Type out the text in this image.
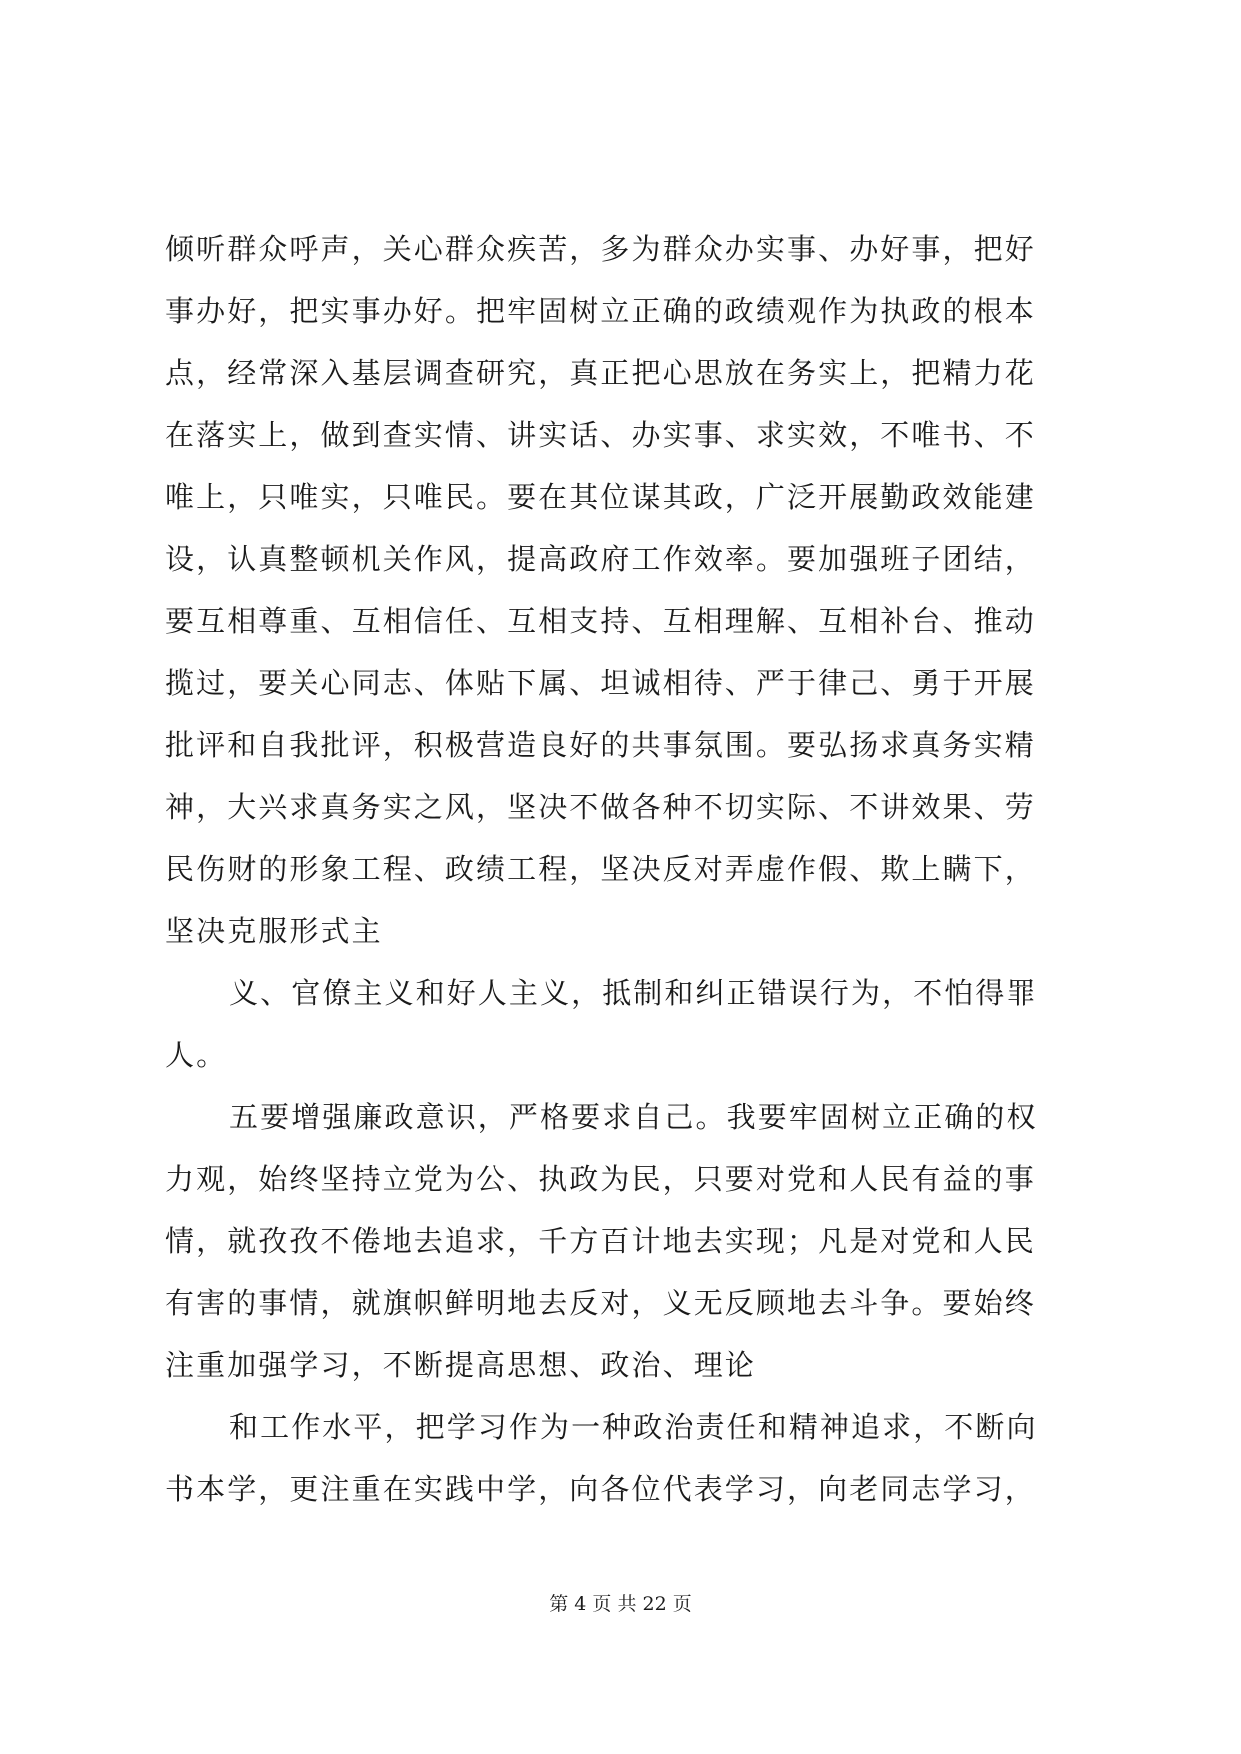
倾听群众呼声，关心群众疾苦，多为群众办实事、办好事，把好
事办好，把实事办好。把牢固树立正确的政绩观作为执政的根本
点，经常深入基层调查研究，真正把心思放在务实上，把精力花
在落实上，做到查实情、讲实话、办实事、求实效，不唯书、不
唯上，只唯实，只唯民。要在其位谋其政，广泛开展勤政效能建
设，认真整顿机关作风，提高政府工作效率。要加强班子团结，
要互相尊重、互相信任、互相支持、互相理解、互相补台、推动
揽过，要关心同志、体贴下属、坦诚相待、严于律己、勇于开展
批评和自我批评，积极营造良好的共事氛围。要弘扬求真务实精
神，大兴求真务实之风，坚决不做各种不切实际、不讲效果、劳
民伤财的形象工程、政绩工程，坚决反对弄虚作假、欺上瞒下，
坚决克服形式主
义、官僚主义和好人主义，抵制和纠正错误行为，不怕得罪
人。
五要增强廉政意识，严格要求自己。我要牢固树立正确的权
力观，始终坚持立党为公、执政为民，只要对党和人民有益的事
情，就孜孜不倦地去追求，千方百计地去实现；凡是对党和人民
有害的事情，就旗帜鲜明地去反对，义无反顾地去斗争。要始终
注重加强学习，不断提高思想、政治、理论
和工作水平，把学习作为一种政治责任和精神追求，不断向
书本学，更注重在实践中学，向各位代表学习，向老同志学习，
第 4 页 共 22 页
